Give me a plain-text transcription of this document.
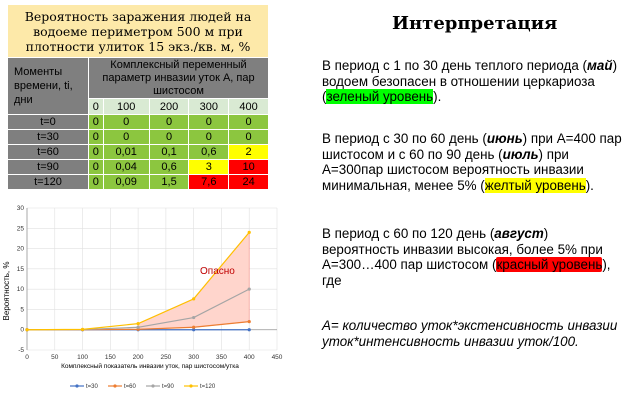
Вероятность заражения людей на водоеме периметром 500 м при плотности улиток 15 экз./кв. м, %					
Моменты времени, ti, дни	Комплексный переменный параметр инвазии уток А, пар шистосом				
	0	100	200	300	400
t=0	0	0	0	0	0
t=30	0	0	0	0	0
t=60	0	0,01	0,1	0,6	2
t=90	0	0,04	0,6	3	10
t=120	0	0,09	1,5	7,6	24
-5
0
5
10
15
20
25
30
0	50	100	150	200	250	300	350	400	450
Вероятность, %
Комплексный показатель инвазии уток, пар шистосом/утка
Опасно
t=30	t=60	t=90	t=120
Интерпретация
В период с 1 по 30 день теплого периода (май) водоем безопасен в отношении церкариоза (зеленый уровень).
В период с 30 по 60 день (июнь) при А=400 пар шистосом и с 60 по 90 день (июль) при А=300пар шистосом вероятность инвазии минимальная, менее 5% (желтый уровень).
В период с 60 по 120 день (август) вероятность инвазии высокая, более 5% при А=300…400 пар шистосом (красный уровень), где
А= количество уток*экстенсивность инвазии уток*интенсивность инвазии уток/100.
